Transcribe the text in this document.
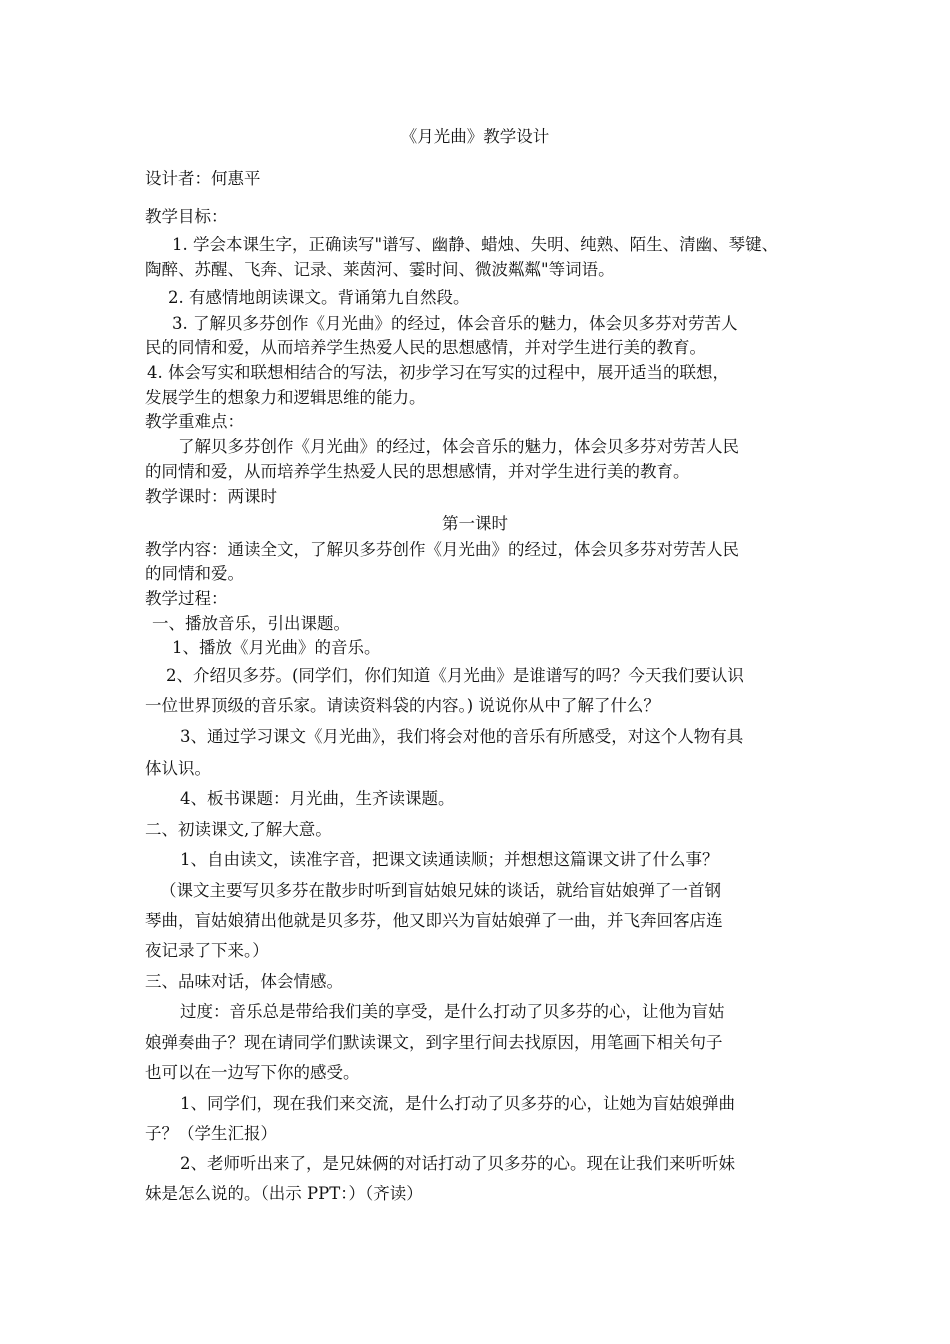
《月光曲》教学设计
设计者：何惠平
教学目标：
1. 学会本课生字，正确读写"谱写、幽静、蜡烛、失明、纯熟、陌生、清幽、琴键、
陶醉、苏醒、飞奔、记录、莱茵河、霎时间、微波粼粼"等词语。
2. 有感情地朗读课文。背诵第九自然段。
3. 了解贝多芬创作《月光曲》的经过，体会音乐的魅力，体会贝多芬对劳苦人
民的同情和爱，从而培养学生热爱人民的思想感情，并对学生进行美的教育。
4. 体会写实和联想相结合的写法，初步学习在写实的过程中，展开适当的联想，
发展学生的想象力和逻辑思维的能力。
教学重难点：
了解贝多芬创作《月光曲》的经过，体会音乐的魅力，体会贝多芬对劳苦人民
的同情和爱，从而培养学生热爱人民的思想感情，并对学生进行美的教育。
教学课时：两课时
第一课时
教学内容：通读全文，了解贝多芬创作《月光曲》的经过，体会贝多芬对劳苦人民
的同情和爱。
教学过程：
一、播放音乐，引出课题。
1、播放《月光曲》的音乐。
2、介绍贝多芬。(同学们，你们知道《月光曲》是谁谱写的吗？今天我们要认识
一位世界顶级的音乐家。请读资料袋的内容。) 说说你从中了解了什么？
3、通过学习课文《月光曲》，我们将会对他的音乐有所感受，对这个人物有具
体认识。
4、板书课题：月光曲，生齐读课题。
二、初读课文,了解大意。
1、自由读文，读准字音，把课文读通读顺；并想想这篇课文讲了什么事？
（课文主要写贝多芬在散步时听到盲姑娘兄妹的谈话，就给盲姑娘弹了一首钢
琴曲，盲姑娘猜出他就是贝多芬，他又即兴为盲姑娘弹了一曲，并飞奔回客店连
夜记录了下来。）
三、品味对话，体会情感。
过度：音乐总是带给我们美的享受，是什么打动了贝多芬的心，让他为盲姑
娘弹奏曲子？现在请同学们默读课文，到字里行间去找原因，用笔画下相关句子
也可以在一边写下你的感受。
1、同学们，现在我们来交流，是什么打动了贝多芬的心，让她为盲姑娘弹曲
子？（学生汇报）
2、老师听出来了，是兄妹俩的对话打动了贝多芬的心。现在让我们来听听妹
妹是怎么说的。（出示 PPT：）（齐读）
